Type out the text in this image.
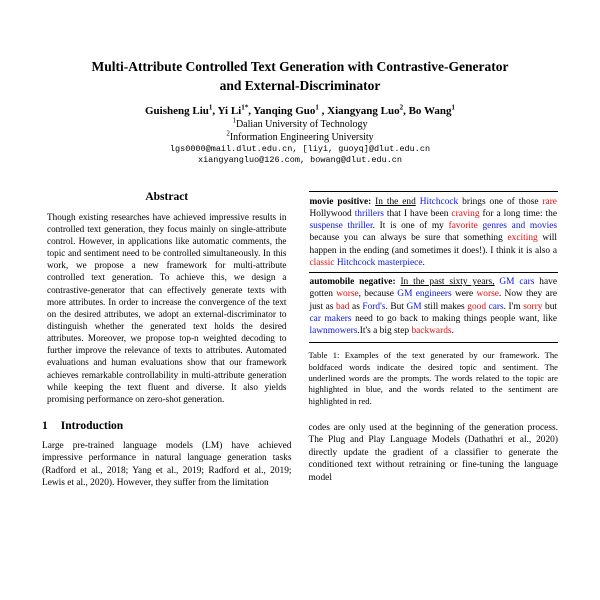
Multi-Attribute Controlled Text Generation with Contrastive-Generator
and External-Discriminator
Guisheng Liu$^1$, Yi $Li^{1*}$, Yanqing Guo$^1$ , Xiangyang Luo$^2$, Bo Wang$^1$
$^1$Dalian University of Technology
$^2$Information Engineering University
lgs0000@mail.dlut.edu.cn, [liyi, guoyq]@dlut.edu.cn
xiangyangluo@126.com, bowang@dlut.edu.cn
Abstract

Though existing researches have achieved impressive results in controlled text generation, they focus mainly on single-attribute control. However, in applications like automatic comments, the topic and sentiment need to be controlled simultaneously. In this work, we propose a new framework for multi-attribute controlled text generation. To achieve this, we design a contrastive-generator that can effectively generate texts with more attributes. In order to increase the convergence of the text on the desired attributes, we adopt an external-discriminator to distinguish whether the generated text holds the desired attributes. Moreover, we propose top-n weighted decoding to further improve the relevance of texts to attributes. Automated evaluations and human evaluations show that our framework achieves remarkable controllability in multi-attribute generation while keeping the text fluent and diverse. It also yields promising performance on zero-shot generation.

1 Introduction

Large pre-trained language models (LM) have achieved impressive performance in natural language generation tasks (Radford et al., 2018; Yang et al., 2019; Radford et al., 2019; Lewis et al., 2020). However, they suffer from the limitation

movie positive: In the end Hitchcock brings one of those rare Hollywood thrillers that I have been craving for a long time: the suspense thriller. It is one of my favorite genres and movies because you can always be sure that something exciting will happen in the ending (and sometimes it does!). I think it is also a classic Hitchcock masterpiece.

automobile negative: In the past sixty years, GM cars have gotten worse, because GM engineers were worse. Now they are just as bad as Ford's. But GM still makes good cars. I'm sorry but car makers need to go back to making things people want, like lawnmowers.It's a big step backwards.

Table 1: Examples of the text generated by our framework. The boldfaced words indicate the desired topic and sentiment. The underlined words are the prompts. The words related to the topic are highlighted in blue, and the words related to the sentiment are highlighted in red.

codes are only used at the beginning of the generation process. The Plug and Play Language Models (Dathathri et al., 2020) directly update the gradient of a classifier to generate the conditioned text without retraining or fine-tuning the language model
